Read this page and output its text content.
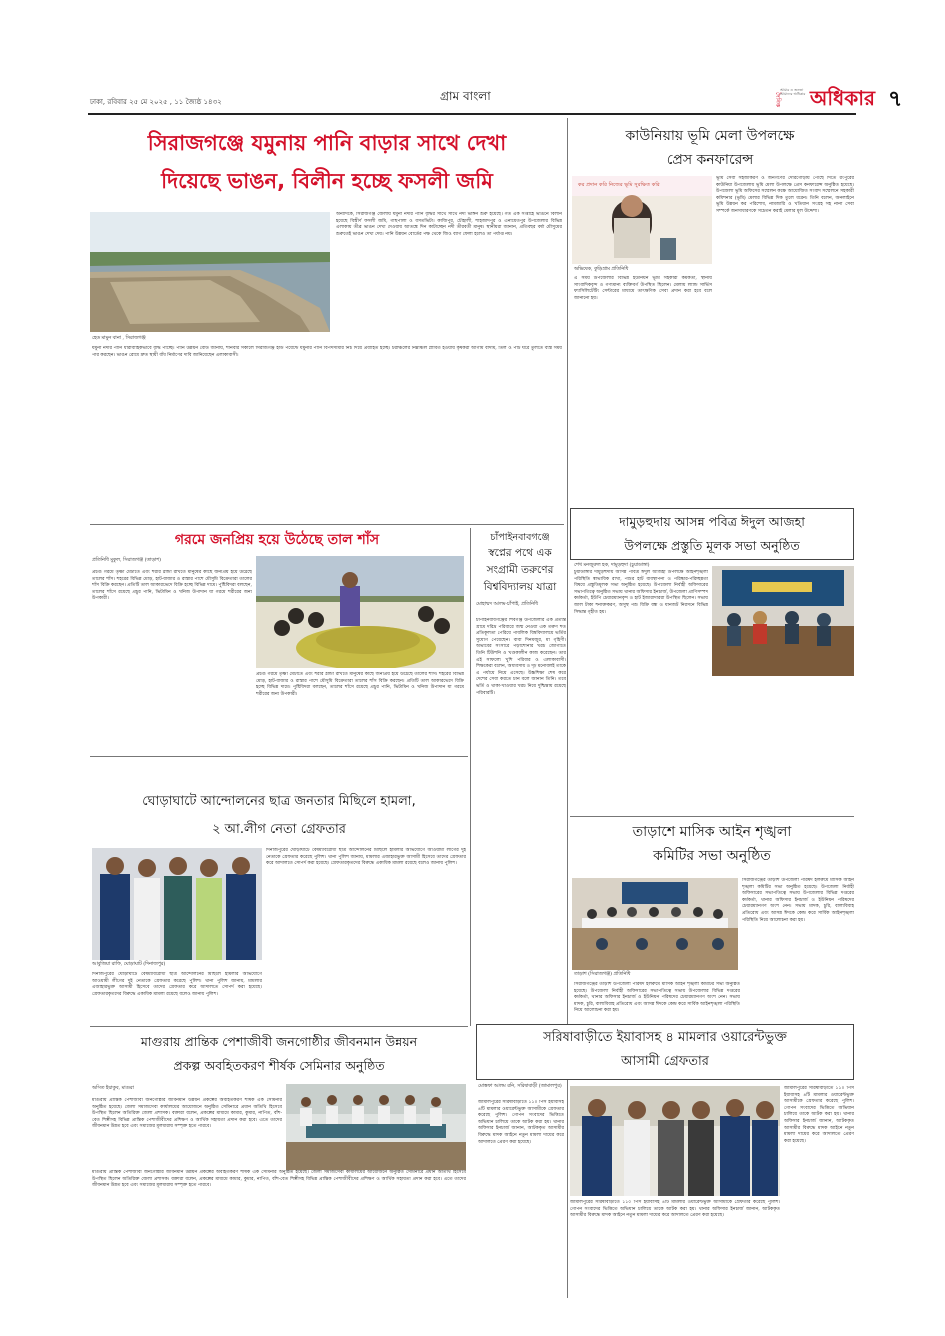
ঢাকা, রবিবার ২৫ মে ২০২৫ , ১১ জ্যৈষ্ঠ ১৪৩২	গ্রাম বাংলা	দৈনিক
আমার ও জনতা আমাদের অধিকার অধিকার ৭
সিরাজগঞ্জে যমুনায় পানি বাড়ার সাথে দেখা
দিয়েছে ভাঙন, বিলীন হচ্ছে ফসলী জমি
হেড মামুন বানা , সিরাজগঞ্জ
অন্যদিকে, সিরাজগঞ্জ জেলায় যমুনা নদীর পানি বৃদ্ধির সাথে সাথে নদী ভাঙ্গন শুরু হয়েছে। গত এক সপ্তাহে ভাঙনে বিলীন হয়েছে বিস্তীর্ণ ফসলী জমি, গাছপালা ও বসতভিটা। কাজিপুর, চৌহালী, শাহজাদপুর ও এনায়েতপুর উপজেলার বিভিন্ন এলাকায় তীব্র ভাঙন দেখা দেওয়ায় আতঙ্কে দিন কাটাচ্ছেন নদী তীরবর্তী মানুষ। স্থানীয়রা জানান, প্রতিবছর বর্ষা মৌসুমের শুরুতেই ভাঙন দেখা দেয়। পানি উন্নয়ন বোর্ডের পক্ষ থেকে জিও ব্যাগ ফেলা হলেও তা পর্যাপ্ত নয়।
যমুনা নদীর পানি ধারাবাহিকভাবে বৃদ্ধি পাচ্ছে। পানি উন্নয়ন বোর্ড জানায়, শনিবার সকালে সিরাজগঞ্জ হার্ড পয়েন্টে যমুনার পানি বিপদসীমার নিচ দিয়ে প্রবাহিত হচ্ছে। চরাঞ্চলের নিম্নাঞ্চল প্লাবিত হওয়ায় কৃষকরা আগাম বাদাম, তিল ও পাট ঘরে তুলতে ব্যস্ত সময় পার করছেন। ভাঙন রোধে দ্রুত স্থায়ী বাঁধ নির্মাণের দাবি জানিয়েছেন এলাকাবাসী।
কাউনিয়ায় ভূমি মেলা উপলক্ষে
প্রেস কনফারেন্স
কর প্রদান করি নিজের ভূমি সুরক্ষিত করি
অভিষেক, কুড়িগ্রাম প্রতিনিধি
ভূমি সেবা সহজীকরণ ও জনগণের দোরগোড়ায় পৌঁছে দিতে রংপুরের কাউনিয়া উপজেলায় ভূমি মেলা উপলক্ষে প্রেস কনফারেন্স অনুষ্ঠিত হয়েছে। উপজেলা ভূমি অফিসের সম্মেলন কক্ষে আয়োজিত সংবাদ সম্মেলনে সহকারী কমিশনার (ভূমি) মেলার বিভিন্ন দিক তুলে ধরেন। তিনি বলেন, অনলাইনে ভূমি উন্নয়ন কর পরিশোধ, নামজারি ও খতিয়ান সংগ্রহ সহ নানা সেবা সম্পর্কে জনসাধারণকে সচেতন করাই মেলার মূল উদ্দেশ্য।
এ সময় উপজেলার বিভিন্ন ইউনিয়ন ভূমি সহকারী কর্মকর্তা, স্থানীয় সাংবাদিকবৃন্দ ও গণ্যমান্য ব্যক্তিবর্গ উপস্থিত ছিলেন। মেলায় ল্যান্ড সার্ভিস ফ্যাসিলিটেটিং সেন্টারের মাধ্যমে তাৎক্ষণিক সেবা প্রদান করা হবে বলে জানানো হয়।
দামুড়হুদায় আসন্ন পবিত্র ঈদুল আজহা
উপলক্ষে প্রস্তুতি মূলক সভা অনুষ্ঠিত
শেখ মনজুরুল হক, দামুড়হুদা (চুয়াডাঙ্গা)
চুয়াডাঙ্গার দামুড়হুদায় আসন্ন পবিত্র ঈদুল আজহা উপলক্ষে আইনশৃঙ্খলা পরিস্থিতি স্বাভাবিক রাখা, পশুর হাট ব্যবস্থাপনা ও পরিষ্কার-পরিচ্ছন্নতা বিষয়ে প্রস্তুতিমূলক সভা অনুষ্ঠিত হয়েছে। উপজেলা নির্বাহী অফিসারের সভাপতিত্বে অনুষ্ঠিত সভায় থানার অফিসার ইনচার্জ, উপজেলা প্রাণিসম্পদ কর্মকর্তা, ইউপি চেয়ারম্যানবৃন্দ ও হাট ইজারাদাররা উপস্থিত ছিলেন। সভায় জাল টাকা শনাক্তকরণ, অসুস্থ পশু বিক্রি বন্ধ ও যানজট নিরসনে বিভিন্ন সিদ্ধান্ত গৃহীত হয়।
তাড়াশে মাসিক আইন শৃঙ্খলা
কমিটির সভা অনুষ্ঠিত
তাড়াশ (সিরাজগঞ্জ) প্রতিনিধি
সিরাজগঞ্জের তাড়াশ উপজেলা পরিষদ হলরুমে মাসিক আইন শৃঙ্খলা কমিটির সভা অনুষ্ঠিত হয়েছে। উপজেলা নির্বাহী অফিসারের সভাপতিত্বে সভায় উপজেলার বিভিন্ন দপ্তরের কর্মকর্তা, থানার অফিসার ইনচার্জ ও ইউনিয়ন পরিষদের চেয়ারম্যানগণ অংশ নেন। সভায় মাদক, চুরি, বাল্যবিবাহ প্রতিরোধ এবং আসন্ন ঈদকে কেন্দ্র করে সার্বিক আইনশৃঙ্খলা পরিস্থিতি নিয়ে আলোচনা করা হয়।
সিরাজগঞ্জের তাড়াশ উপজেলা পরিষদ হলরুমে মাসিক আইন শৃঙ্খলা কমিটির সভা অনুষ্ঠিত হয়েছে। উপজেলা নির্বাহী অফিসারের সভাপতিত্বে সভায় উপজেলার বিভিন্ন দপ্তরের কর্মকর্তা, থানার অফিসার ইনচার্জ ও ইউনিয়ন পরিষদের চেয়ারম্যানগণ অংশ নেন। সভায় মাদক, চুরি, বাল্যবিবাহ প্রতিরোধ এবং আসন্ন ঈদকে কেন্দ্র করে সার্বিক আইনশৃঙ্খলা পরিস্থিতি নিয়ে আলোচনা করা হয়।
সরিষাবাড়ীতে ইয়াবাসহ ৪ মামলার ওয়ারেন্টভুক্ত
আসামী গ্রেফতার
মোস্তফা আলম রনি, সরিষাবাড়ী (জামালপুর)
জামালপুরের সরিষাবাড়ীতে ১১০ পিস ইয়াবাসহ ৪টি মামলার ওয়ারেন্টভুক্ত আসামীকে গ্রেফতার করেছে পুলিশ। গোপন সংবাদের ভিত্তিতে অভিযান চালিয়ে তাকে আটক করা হয়। থানার অফিসার ইনচার্জ জানান, আটককৃত আসামীর বিরুদ্ধে মাদক আইনে নতুন মামলা দায়ের করে আদালতে প্রেরণ করা হয়েছে।
জামালপুরের সরিষাবাড়ীতে ১১০ পিস ইয়াবাসহ ৪টি মামলার ওয়ারেন্টভুক্ত আসামীকে গ্রেফতার করেছে পুলিশ। গোপন সংবাদের ভিত্তিতে অভিযান চালিয়ে তাকে আটক করা হয়। থানার অফিসার ইনচার্জ জানান, আটককৃত আসামীর বিরুদ্ধে মাদক আইনে নতুন মামলা দায়ের করে আদালতে প্রেরণ করা হয়েছে।
জামালপুরের সরিষাবাড়ীতে ১১০ পিস ইয়াবাসহ ৪টি মামলার ওয়ারেন্টভুক্ত আসামীকে গ্রেফতার করেছে পুলিশ। গোপন সংবাদের ভিত্তিতে অভিযান চালিয়ে তাকে আটক করা হয়। থানার অফিসার ইনচার্জ জানান, আটককৃত আসামীর বিরুদ্ধে মাদক আইনে নতুন মামলা দায়ের করে আদালতে প্রেরণ করা হয়েছে।
গরমে জনপ্রিয় হয়ে উঠেছে তাল শাঁস
প্রতিনিধি মুকুল, সিরাজগঞ্জ (তাড়াশ)
প্রচণ্ড গরমে তৃষ্ণা মেটাতে এবং শরীর ঠান্ডা রাখতে মানুষের কাছে জনপ্রিয় হয়ে উঠেছে তালের শাঁস। শহরের বিভিন্ন মোড়, হাট-বাজার ও রাস্তার পাশে মৌসুমি বিক্রেতারা তালের শাঁস বিক্রি করছেন। প্রতিটি তাল আকারভেদে বিক্রি হচ্ছে বিভিন্ন দামে। পুষ্টিবিদরা বলছেন, তালের শাঁসে রয়েছে প্রচুর পানি, ভিটামিন ও খনিজ উপাদান যা গরমে শরীরের জন্য উপকারী।
প্রচণ্ড গরমে তৃষ্ণা মেটাতে এবং শরীর ঠান্ডা রাখতে মানুষের কাছে জনপ্রিয় হয়ে উঠেছে তালের শাঁস। শহরের বিভিন্ন মোড়, হাট-বাজার ও রাস্তার পাশে মৌসুমি বিক্রেতারা তালের শাঁস বিক্রি করছেন। প্রতিটি তাল আকারভেদে বিক্রি হচ্ছে বিভিন্ন দামে। পুষ্টিবিদরা বলছেন, তালের শাঁসে রয়েছে প্রচুর পানি, ভিটামিন ও খনিজ উপাদান যা গরমে শরীরের জন্য উপকারী।
চাঁপাইনবাবগঞ্জে
স্বপ্নের পথে এক
সংগ্রামী তরুণের
বিশ্ববিদ্যালয় যাত্রা
মোহাম্মদ আলম-চাঁপাই, প্রতিনিধি
চাঁপাইনবাবগঞ্জের শিবগঞ্জ উপজেলার এক প্রত্যন্ত গ্রামে দরিদ্র পরিবারে জন্ম নেওয়া এক তরুণ শত প্রতিকূলতা পেরিয়ে পাবলিক বিশ্ববিদ্যালয়ে ভর্তির সুযোগ পেয়েছেন। বাবা দিনমজুর, মা গৃহিণী। অভাবের সংসারে পড়াশোনার খরচ জোগাতে তিনি টিউশনি ও খণ্ডকালীন কাজ করেছেন। তার এই সাফল্যে খুশি পরিবার ও এলাকাবাসী। শিক্ষকেরা বলেন, অধ্যবসায় ও দৃঢ় মনোবলই তাকে এ পর্যায়ে নিয়ে এসেছে। উচ্চশিক্ষা শেষ করে দেশের সেবা করতে চান বলে জানান তিনি। তবে ভর্তি ও থাকা-খাওয়ার খরচ নিয়ে দুশ্চিন্তায় রয়েছে পরিবারটি।
ঘোড়াঘাটে আন্দোলনের ছাত্র জনতার মিছিলে হামলা,
২ আ.লীগ নেতা গ্রেফতার
আবুজিয়া রাফি, ঘোড়াঘাট (দিনাজপুর)
দিনাজপুরের ঘোড়াঘাটে বৈষম্যবিরোধী ছাত্র আন্দোলনের মিছিলে হামলার অভিযোগে আওয়ামী লীগের দুই নেতাকে গ্রেফতার করেছে পুলিশ। থানা পুলিশ জানায়, মামলার এজাহারভুক্ত আসামী হিসেবে তাদের গ্রেফতার করে আদালতে সোপর্দ করা হয়েছে। গ্রেফতারকৃতদের বিরুদ্ধে একাধিক মামলা রয়েছে বলেও জানায় পুলিশ।
দিনাজপুরের ঘোড়াঘাটে বৈষম্যবিরোধী ছাত্র আন্দোলনের মিছিলে হামলার অভিযোগে আওয়ামী লীগের দুই নেতাকে গ্রেফতার করেছে পুলিশ। থানা পুলিশ জানায়, মামলার এজাহারভুক্ত আসামী হিসেবে তাদের গ্রেফতার করে আদালতে সোপর্দ করা হয়েছে। গ্রেফতারকৃতদের বিরুদ্ধে একাধিক মামলা রয়েছে বলেও জানায় পুলিশ।
মাগুরায় প্রান্তিক পেশাজীবী জনগোষ্ঠীর জীবনমান উন্নয়ন
প্রকল্প অবহিতকরণ শীর্ষক সেমিনার অনুষ্ঠিত
অসিত ইয়াকুব, মাগুরা
মাগুরায় প্রান্তিক পেশাজীবী জনগোষ্ঠীর জীবনমান উন্নয়ন প্রকল্পের অবহিতকরণ শীর্ষক এক সেমিনার অনুষ্ঠিত হয়েছে। জেলা সমাজসেবা কার্যালয়ের আয়োজনে অনুষ্ঠিত সেমিনারে প্রধান অতিথি হিসেবে উপস্থিত ছিলেন অতিরিক্ত জেলা প্রশাসক। বক্তারা বলেন, প্রকল্পের মাধ্যমে কামার, কুমার, নাপিত, বাঁশ-বেত শিল্পীসহ বিভিন্ন প্রান্তিক পেশাজীবীদের প্রশিক্ষণ ও আর্থিক সহায়তা প্রদান করা হবে। এতে তাদের জীবনমান উন্নত হবে এবং সমাজের মূলধারায় সম্পৃক্ত হতে পারবে।
মাগুরায় প্রান্তিক পেশাজীবী জনগোষ্ঠীর জীবনমান উন্নয়ন প্রকল্পের অবহিতকরণ শীর্ষক এক সেমিনার অনুষ্ঠিত হয়েছে। জেলা সমাজসেবা কার্যালয়ের আয়োজনে অনুষ্ঠিত সেমিনারে প্রধান অতিথি হিসেবে উপস্থিত ছিলেন অতিরিক্ত জেলা প্রশাসক। বক্তারা বলেন, প্রকল্পের মাধ্যমে কামার, কুমার, নাপিত, বাঁশ-বেত শিল্পীসহ বিভিন্ন প্রান্তিক পেশাজীবীদের প্রশিক্ষণ ও আর্থিক সহায়তা প্রদান করা হবে। এতে তাদের জীবনমান উন্নত হবে এবং সমাজের মূলধারায় সম্পৃক্ত হতে পারবে।
